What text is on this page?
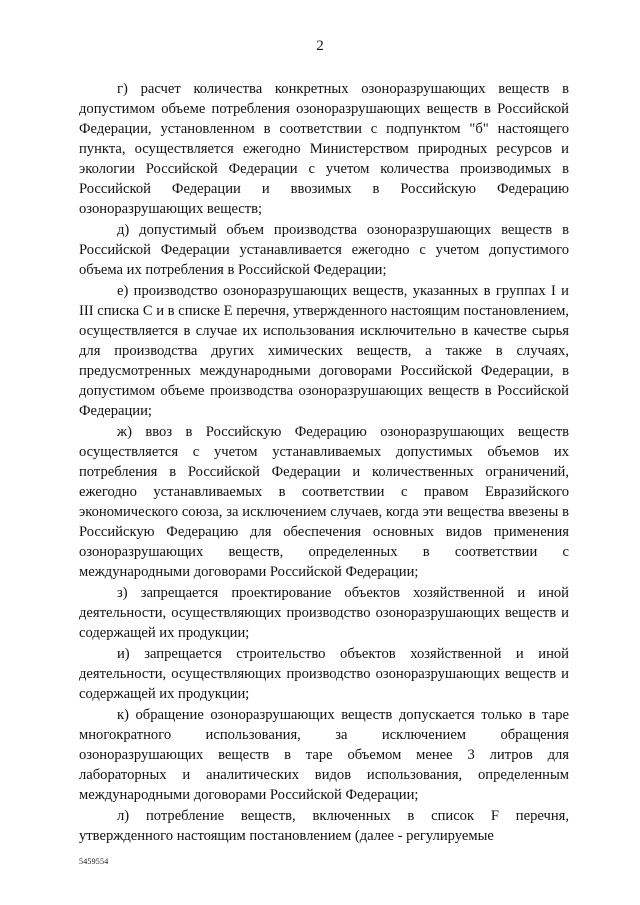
2

г) расчет количества конкретных озоноразрушающих веществ в допустимом объеме потребления озоноразрушающих веществ в Российской Федерации, установленном в соответствии с подпунктом "б" настоящего пункта, осуществляется ежегодно Министерством природных ресурсов и экологии Российской Федерации с учетом количества производимых в Российской Федерации и ввозимых в Российскую Федерацию озоноразрушающих веществ;

д) допустимый объем производства озоноразрушающих веществ в Российской Федерации устанавливается ежегодно с учетом допустимого объема их потребления в Российской Федерации;

е) производство озоноразрушающих веществ, указанных в группах I и III списка С и в списке Е перечня, утвержденного настоящим постановлением, осуществляется в случае их использования исключительно в качестве сырья для производства других химических веществ, а также в случаях, предусмотренных международными договорами Российской Федерации, в допустимом объеме производства озоноразрушающих веществ в Российской Федерации;

ж) ввоз в Российскую Федерацию озоноразрушающих веществ осуществляется с учетом устанавливаемых допустимых объемов их потребления в Российской Федерации и количественных ограничений, ежегодно устанавливаемых в соответствии с правом Евразийского экономического союза, за исключением случаев, когда эти вещества ввезены в Российскую Федерацию для обеспечения основных видов применения озоноразрушающих веществ, определенных в соответствии с международными договорами Российской Федерации;

з) запрещается проектирование объектов хозяйственной и иной деятельности, осуществляющих производство озоноразрушающих веществ и содержащей их продукции;

и) запрещается строительство объектов хозяйственной и иной деятельности, осуществляющих производство озоноразрушающих веществ и содержащей их продукции;

к) обращение озоноразрушающих веществ допускается только в таре многократного использования, за исключением обращения озоноразрушающих веществ в таре объемом менее 3 литров для лабораторных и аналитических видов использования, определенным международными договорами Российской Федерации;

л) потребление веществ, включенных в список F перечня, утвержденного настоящим постановлением (далее - регулируемые

5459554
